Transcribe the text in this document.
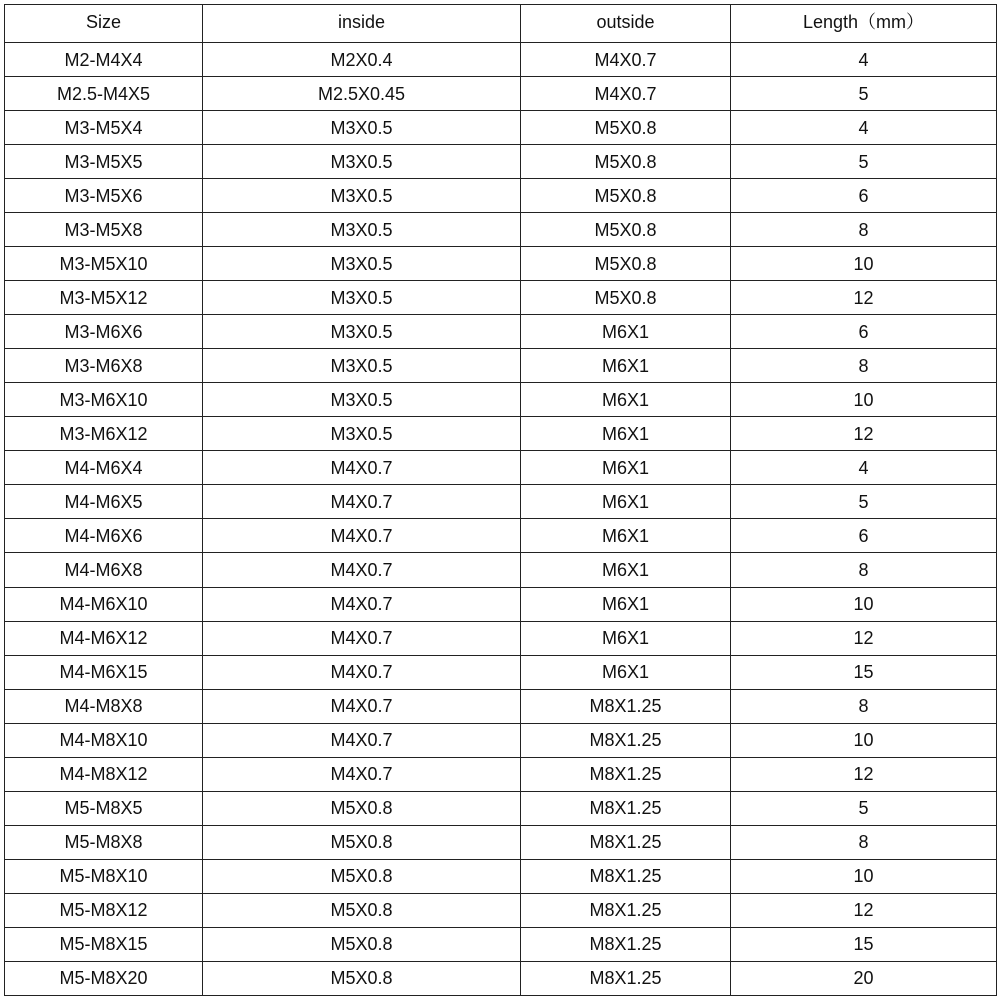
Size	inside	outside	Length（mm）
M2-M4X4	M2X0.4	M4X0.7	4
M2.5-M4X5	M2.5X0.45	M4X0.7	5
M3-M5X4	M3X0.5	M5X0.8	4
M3-M5X5	M3X0.5	M5X0.8	5
M3-M5X6	M3X0.5	M5X0.8	6
M3-M5X8	M3X0.5	M5X0.8	8
M3-M5X10	M3X0.5	M5X0.8	10
M3-M5X12	M3X0.5	M5X0.8	12
M3-M6X6	M3X0.5	M6X1	6
M3-M6X8	M3X0.5	M6X1	8
M3-M6X10	M3X0.5	M6X1	10
M3-M6X12	M3X0.5	M6X1	12
M4-M6X4	M4X0.7	M6X1	4
M4-M6X5	M4X0.7	M6X1	5
M4-M6X6	M4X0.7	M6X1	6
M4-M6X8	M4X0.7	M6X1	8
M4-M6X10	M4X0.7	M6X1	10
M4-M6X12	M4X0.7	M6X1	12
M4-M6X15	M4X0.7	M6X1	15
M4-M8X8	M4X0.7	M8X1.25	8
M4-M8X10	M4X0.7	M8X1.25	10
M4-M8X12	M4X0.7	M8X1.25	12
M5-M8X5	M5X0.8	M8X1.25	5
M5-M8X8	M5X0.8	M8X1.25	8
M5-M8X10	M5X0.8	M8X1.25	10
M5-M8X12	M5X0.8	M8X1.25	12
M5-M8X15	M5X0.8	M8X1.25	15
M5-M8X20	M5X0.8	M8X1.25	20
